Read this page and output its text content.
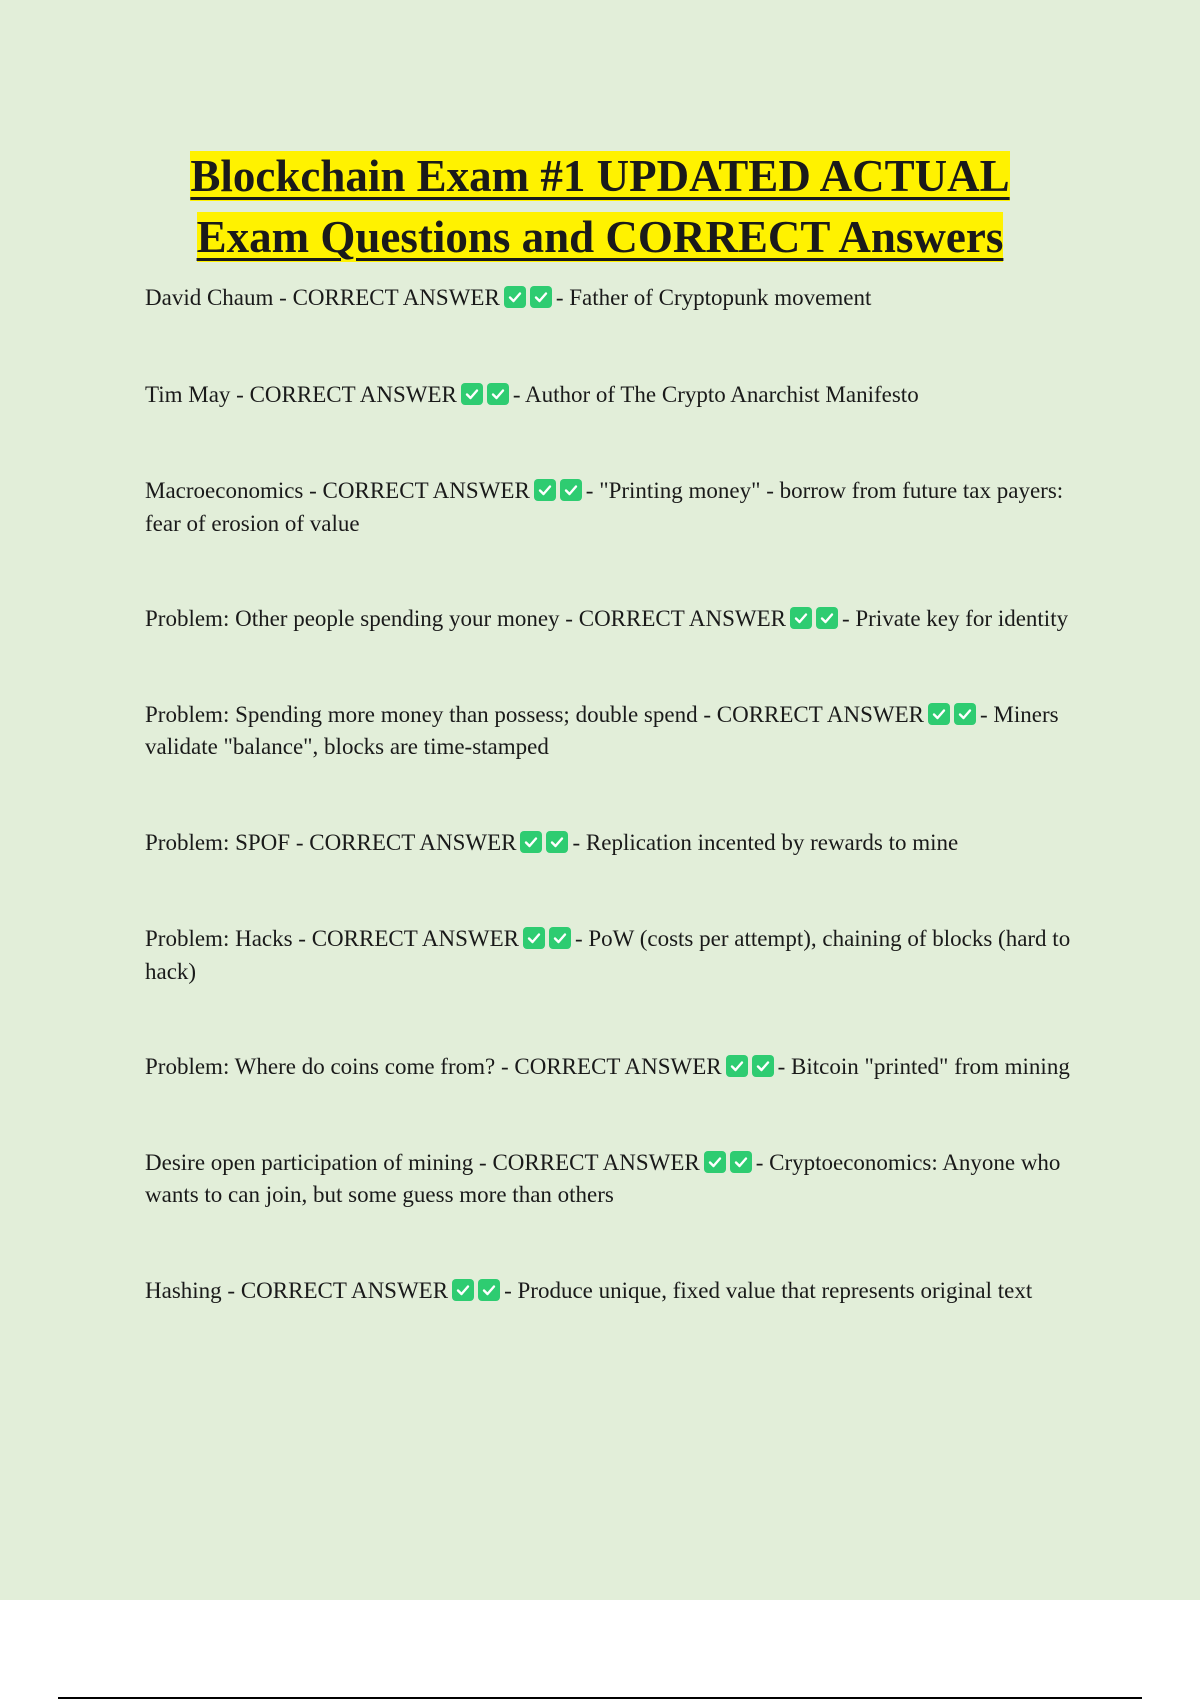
Blockchain Exam #1 UPDATED ACTUAL
Exam Questions and CORRECT Answers
David Chaum - CORRECT ANSWER - Father of Cryptopunk movement
Tim May - CORRECT ANSWER - Author of The Crypto Anarchist Manifesto
Macroeconomics - CORRECT ANSWER - "Printing money" - borrow from future tax payers: fear of erosion of value
Problem: Other people spending your money - CORRECT ANSWER - Private key for identity
Problem: Spending more money than possess; double spend - CORRECT ANSWER - Miners validate "balance", blocks are time-stamped
Problem: SPOF - CORRECT ANSWER - Replication incented by rewards to mine
Problem: Hacks - CORRECT ANSWER - PoW (costs per attempt), chaining of blocks (hard to hack)
Problem: Where do coins come from? - CORRECT ANSWER - Bitcoin "printed" from mining
Desire open participation of mining - CORRECT ANSWER - Cryptoeconomics: Anyone who wants to can join, but some guess more than others
Hashing - CORRECT ANSWER - Produce unique, fixed value that represents original text
